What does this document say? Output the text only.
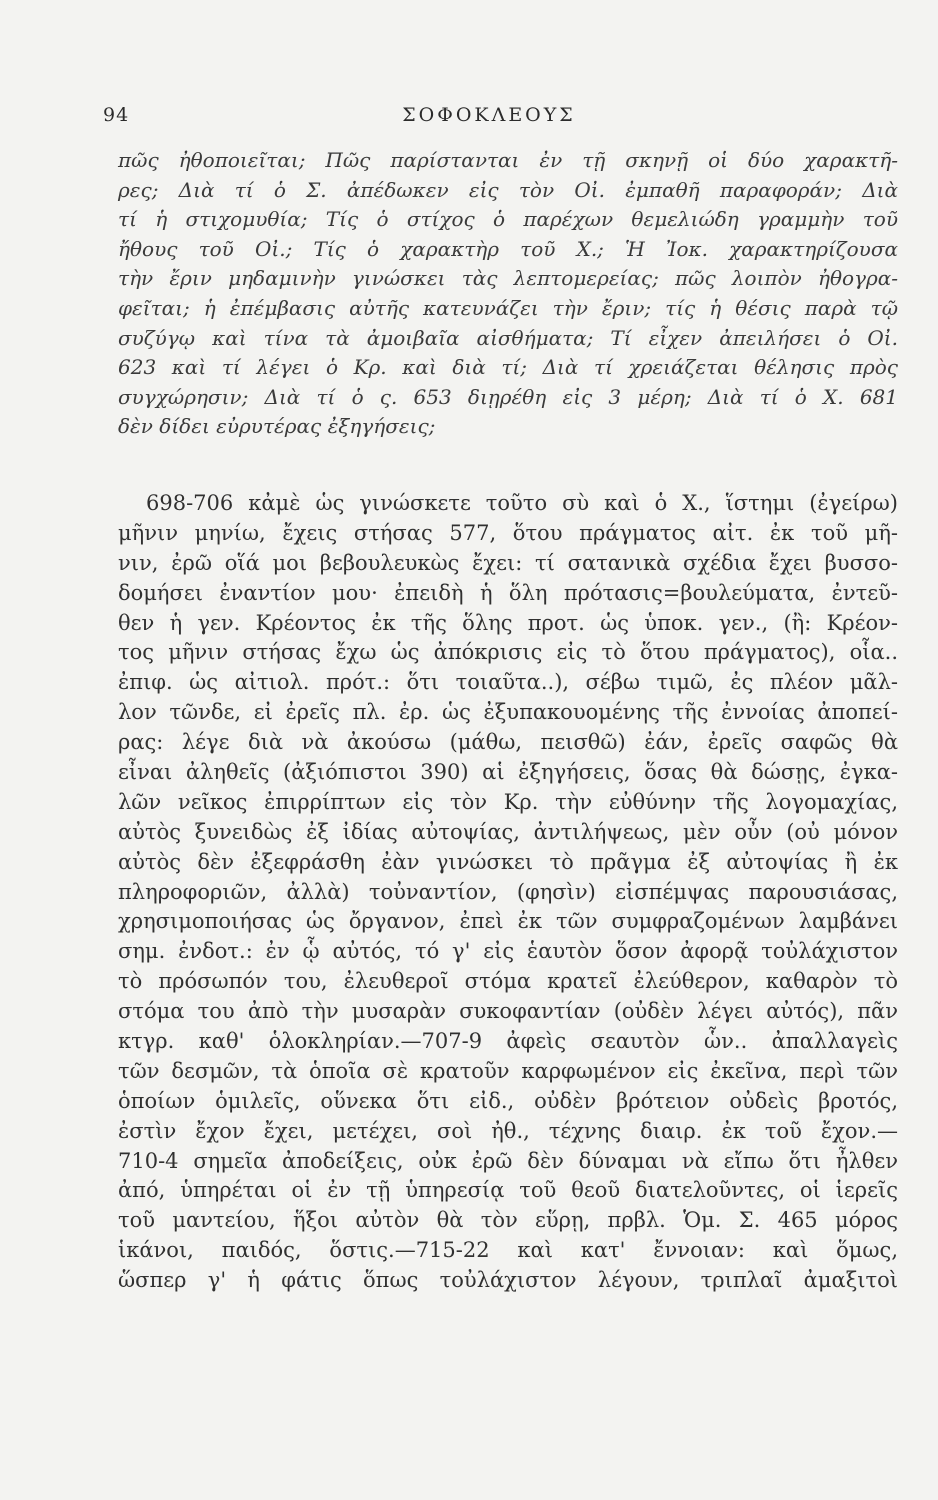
94	ΣΟΦΟΚΛΕΟΥΣ
πῶς ἠθοποιεῖται; Πῶς παρίστανται ἐν τῇ σκηνῇ οἱ δύο χαρακτῆ-
ρες; Διὰ τί ὁ Σ. ἀπέδωκεν εἰς τὸν Οἰ. ἐμπαθῆ παραφοράν; Διὰ
τί ἡ στιχομυθία; Τίς ὁ στίχος ὁ παρέχων θεμελιώδη γραμμὴν τοῦ
ἤθους τοῦ Οἰ.; Τίς ὁ χαρακτὴρ τοῦ Χ.; Ἡ Ἰοκ. χαρακτηρίζουσα
τὴν ἔριν μηδαμινὴν γινώσκει τὰς λεπτομερείας; πῶς λοιπὸν ἠθογρα-
φεῖται; ἡ ἐπέμβασις αὐτῆς κατευνάζει τὴν ἔριν; τίς ἡ θέσις παρὰ τῷ
συζύγῳ καὶ τίνα τὰ ἀμοιβαῖα αἰσθήματα; Τί εἶχεν ἀπειλήσει ὁ Οἰ.
623 καὶ τί λέγει ὁ Κρ. καὶ διὰ τί; Διὰ τί χρειάζεται θέλησις πρὸς
συγχώρησιν; Διὰ τί ὁ ς. 653 διῃρέθη εἰς 3 μέρη; Διὰ τί ὁ Χ. 681
δὲν δίδει εὐρυτέρας ἐξηγήσεις;
698-706 κἀμὲ ὡς γινώσκετε τοῦτο σὺ καὶ ὁ Χ., ἵστημι (ἐγείρω)
μῆνιν μηνίω, ἔχεις στήσας 577, ὅτου πράγματος αἰτ. ἐκ τοῦ μῆ-
νιν, ἐρῶ οἵά μοι βεβουλευκὼς ἔχει: τί σατανικὰ σχέδια ἔχει βυσσο-
δομήσει ἐναντίον μου· ἐπειδὴ ἡ ὅλη πρότασις=βουλεύματα, ἐντεῦ-
θεν ἡ γεν. Κρέοντος ἐκ τῆς ὅλης προτ. ὡς ὑποκ. γεν., (ἢ: Κρέον-
τος μῆνιν στήσας ἔχω ὡς ἀπόκρισις εἰς τὸ ὅτου πράγματος), οἷα..
ἐπιφ. ὡς αἰτιολ. πρότ.: ὅτι τοιαῦτα..), σέβω τιμῶ, ἐς πλέον μᾶλ-
λον τῶνδε, εἰ ἐρεῖς πλ. ἐρ. ὡς ἐξυπακουομένης τῆς ἐννοίας ἀποπεί-
ρας: λέγε διὰ νὰ ἀκούσω (μάθω, πεισθῶ) ἐάν, ἐρεῖς σαφῶς θὰ
εἶναι ἀληθεῖς (ἀξιόπιστοι 390) αἱ ἐξηγήσεις, ὅσας θὰ δώσῃς, ἐγκα-
λῶν νεῖκος ἐπιρρίπτων εἰς τὸν Κρ. τὴν εὐθύνην τῆς λογομαχίας,
αὐτὸς ξυνειδὼς ἐξ ἰδίας αὐτοψίας, ἀντιλήψεως, μὲν οὖν (οὐ μόνον
αὐτὸς δὲν ἐξεφράσθη ἐὰν γινώσκει τὸ πρᾶγμα ἐξ αὐτοψίας ἢ ἐκ
πληροφοριῶν, ἀλλὰ) τοὐναντίον, (φησὶν) εἰσπέμψας παρουσιάσας,
χρησιμοποιήσας ὡς ὄργανον, ἐπεὶ ἐκ τῶν συμφραζομένων λαμβάνει
σημ. ἐνδοτ.: ἐν ᾧ αὐτός, τό γ' εἰς ἑαυτὸν ὅσον ἀφορᾷ τοὐλάχιστον
τὸ πρόσωπόν του, ἐλευθεροῖ στόμα κρατεῖ ἐλεύθερον, καθαρὸν τὸ
στόμα του ἀπὸ τὴν μυσαρὰν συκοφαντίαν (οὐδὲν λέγει αὐτός), πᾶν
κτγρ. καθ' ὁλοκληρίαν.—707-9 ἀφεὶς σεαυτὸν ὧν.. ἀπαλλαγεὶς
τῶν δεσμῶν, τὰ ὁποῖα σὲ κρατοῦν καρφωμένον εἰς ἐκεῖνα, περὶ τῶν
ὁποίων ὁμιλεῖς, οὕνεκα ὅτι εἰδ., οὐδὲν βρότειον οὐδεὶς βροτός,
ἐστὶν ἔχον ἔχει, μετέχει, σοὶ ἠθ., τέχνης διαιρ. ἐκ τοῦ ἔχον.—
710-4 σημεῖα ἀποδείξεις, οὐκ ἐρῶ δὲν δύναμαι νὰ εἴπω ὅτι ἦλθεν
ἀπό, ὑπηρέται οἱ ἐν τῇ ὑπηρεσίᾳ τοῦ θεοῦ διατελοῦντες, οἱ ἱερεῖς
τοῦ μαντείου, ἥξοι αὐτὸν θὰ τὸν εὕρῃ, πρβλ. Ὁμ. Σ. 465 μόρος
ἱκάνοι, παιδός, ὅστις.—715-22 καὶ κατ' ἔννοιαν: καὶ ὅμως,
ὥσπερ γ' ἡ φάτις ὅπως τοὐλάχιστον λέγουν, τριπλαῖ ἀμαξιτοὶ
